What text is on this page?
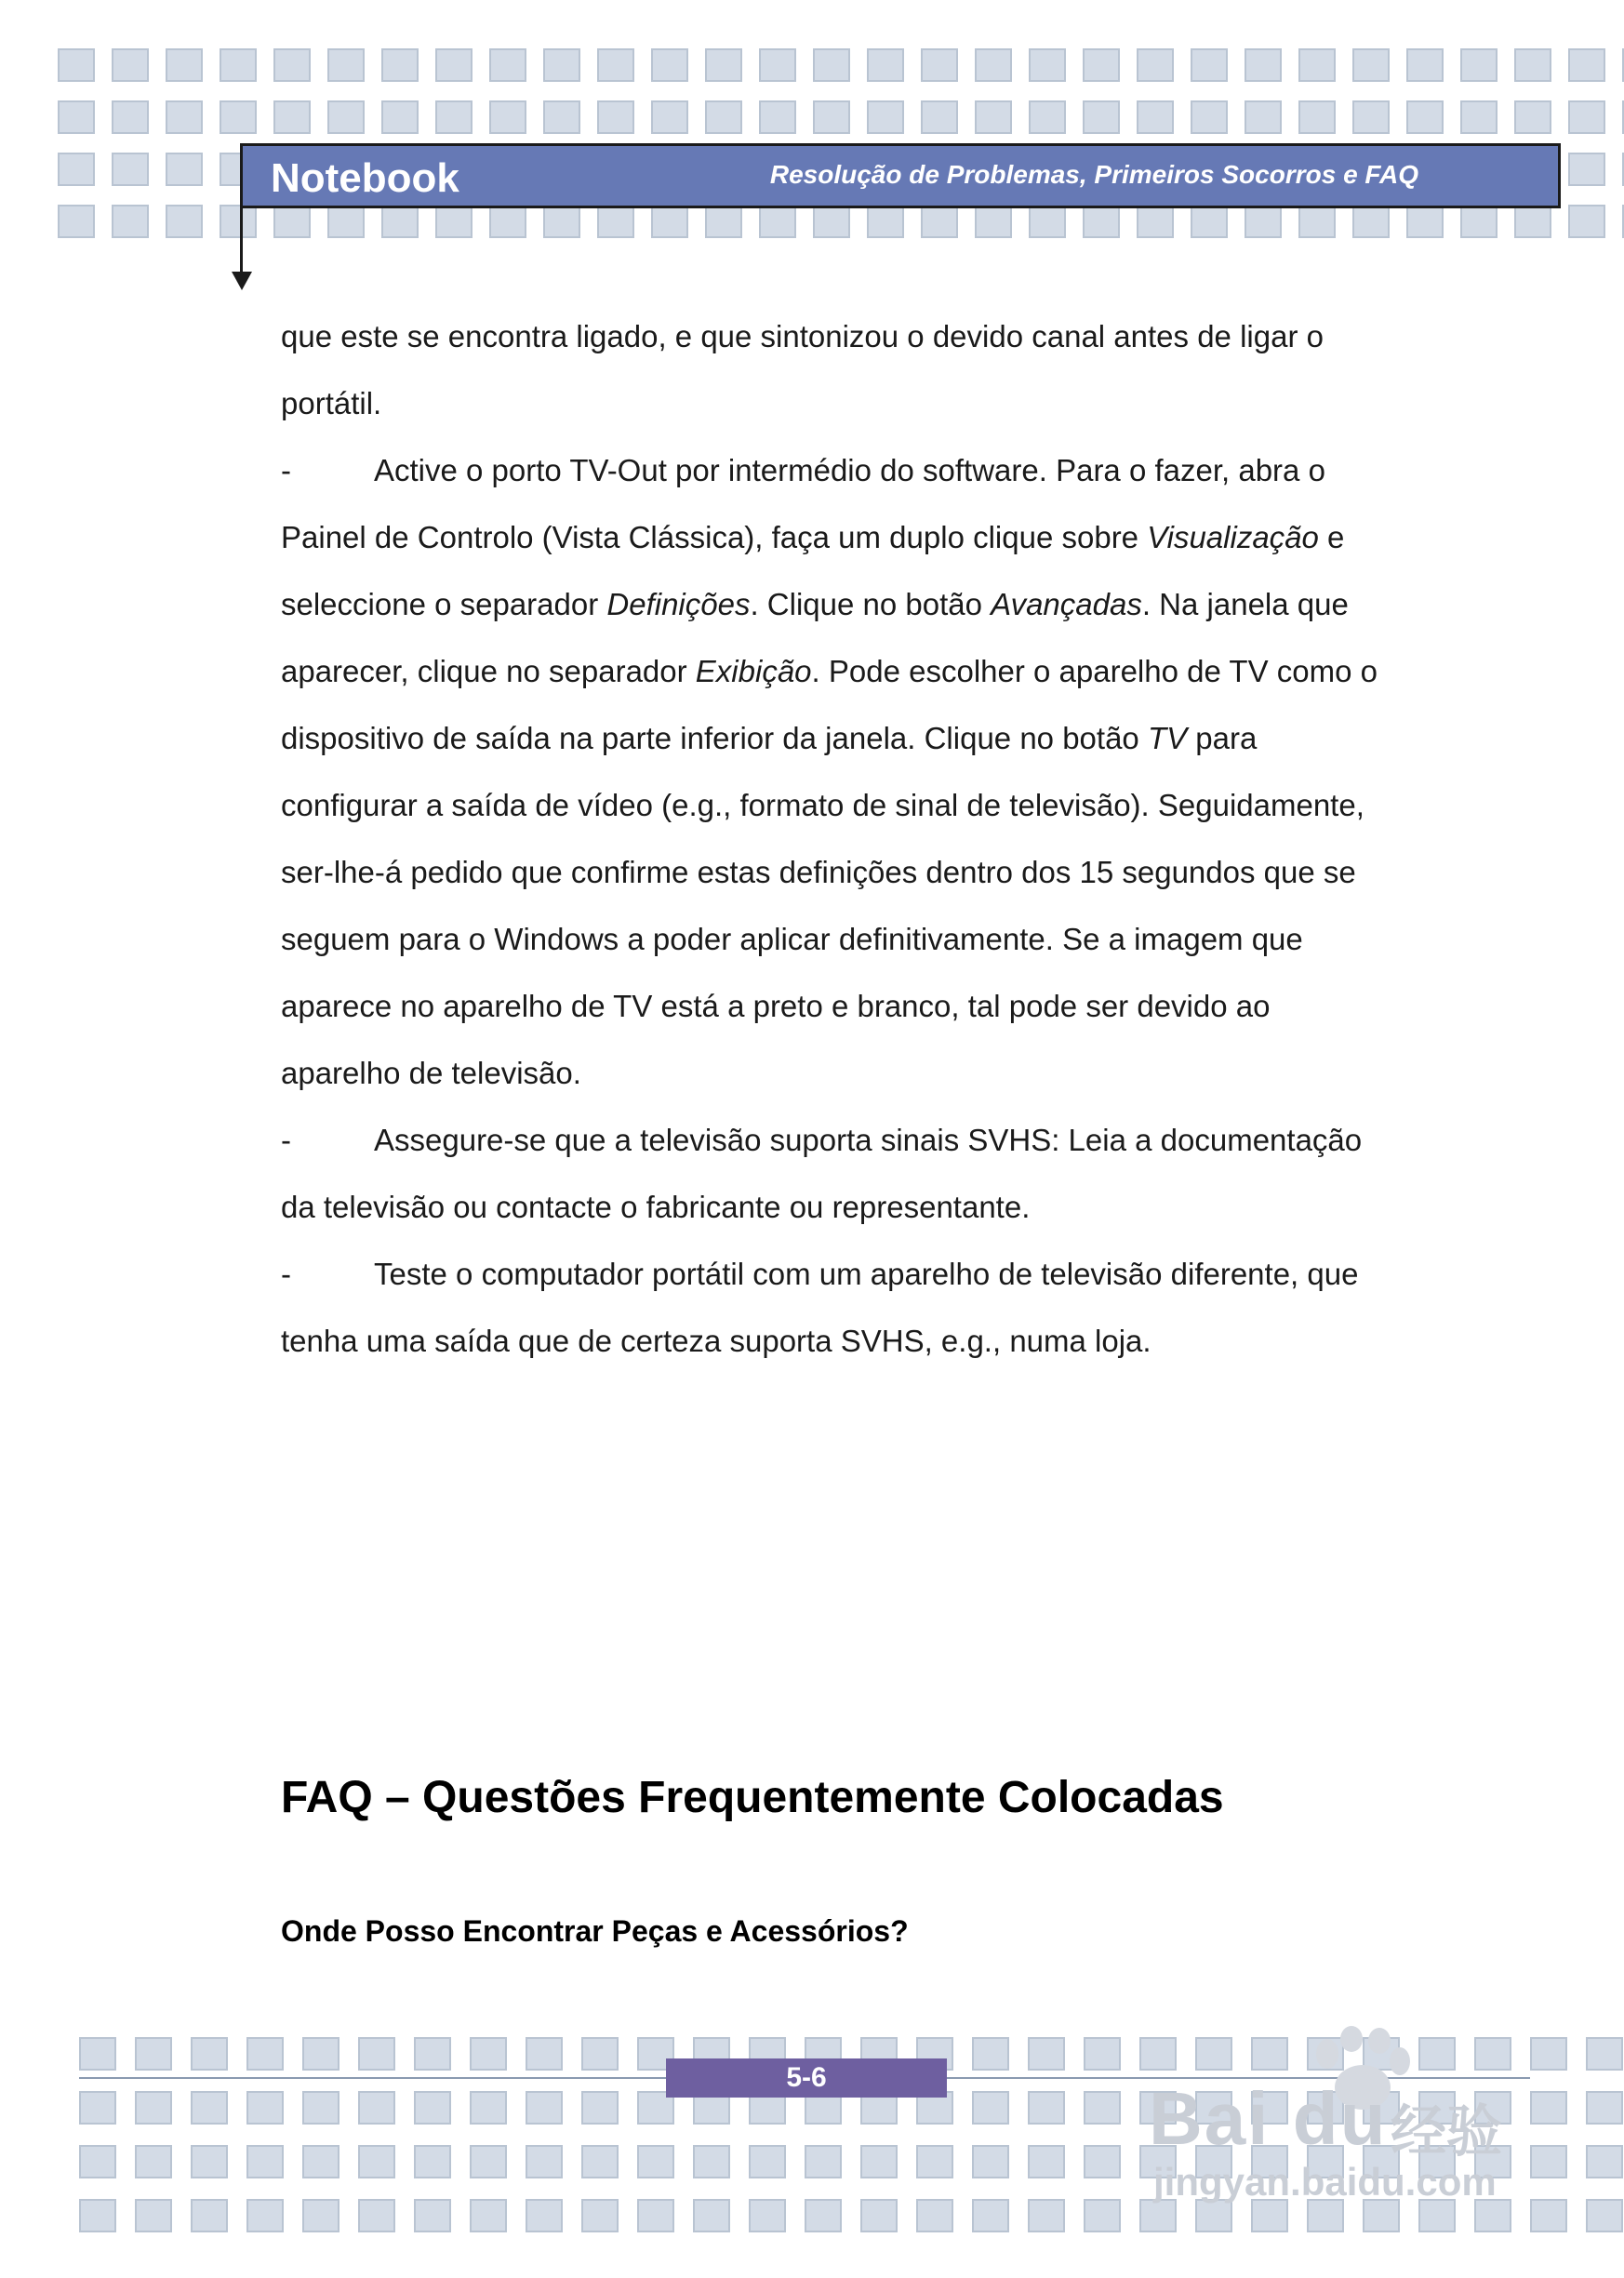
Notebook	Resolução de Problemas, Primeiros Socorros e FAQ
que este se encontra ligado, e que sintonizou o devido canal antes de ligar o
portátil.
-	Active o porto TV-Out por intermédio do software. Para o fazer, abra o
Painel de Controlo (Vista Clássica), faça um duplo clique sobre Visualização e
seleccione o separador Definições. Clique no botão Avançadas. Na janela que
aparecer, clique no separador Exibição. Pode escolher o aparelho de TV como o
dispositivo de saída na parte inferior da janela. Clique no botão TV para
configurar a saída de vídeo (e.g., formato de sinal de televisão). Seguidamente,
ser-lhe-á pedido que confirme estas definições dentro dos 15 segundos que se
seguem para o Windows a poder aplicar definitivamente. Se a imagem que
aparece no aparelho de TV está a preto e branco, tal pode ser devido ao
aparelho de televisão.
-	Assegure-se que a televisão suporta sinais SVHS: Leia a documentação
da televisão ou contacte o fabricante ou representante.
-	Teste o computador portátil com um aparelho de televisão diferente, que
tenha uma saída que de certeza suporta SVHS, e.g., numa loja.
FAQ – Questões Frequentemente Colocadas
Onde Posso Encontrar Peças e Acessórios?
5-6	Bai du 经验
jingyan.baidu.com
